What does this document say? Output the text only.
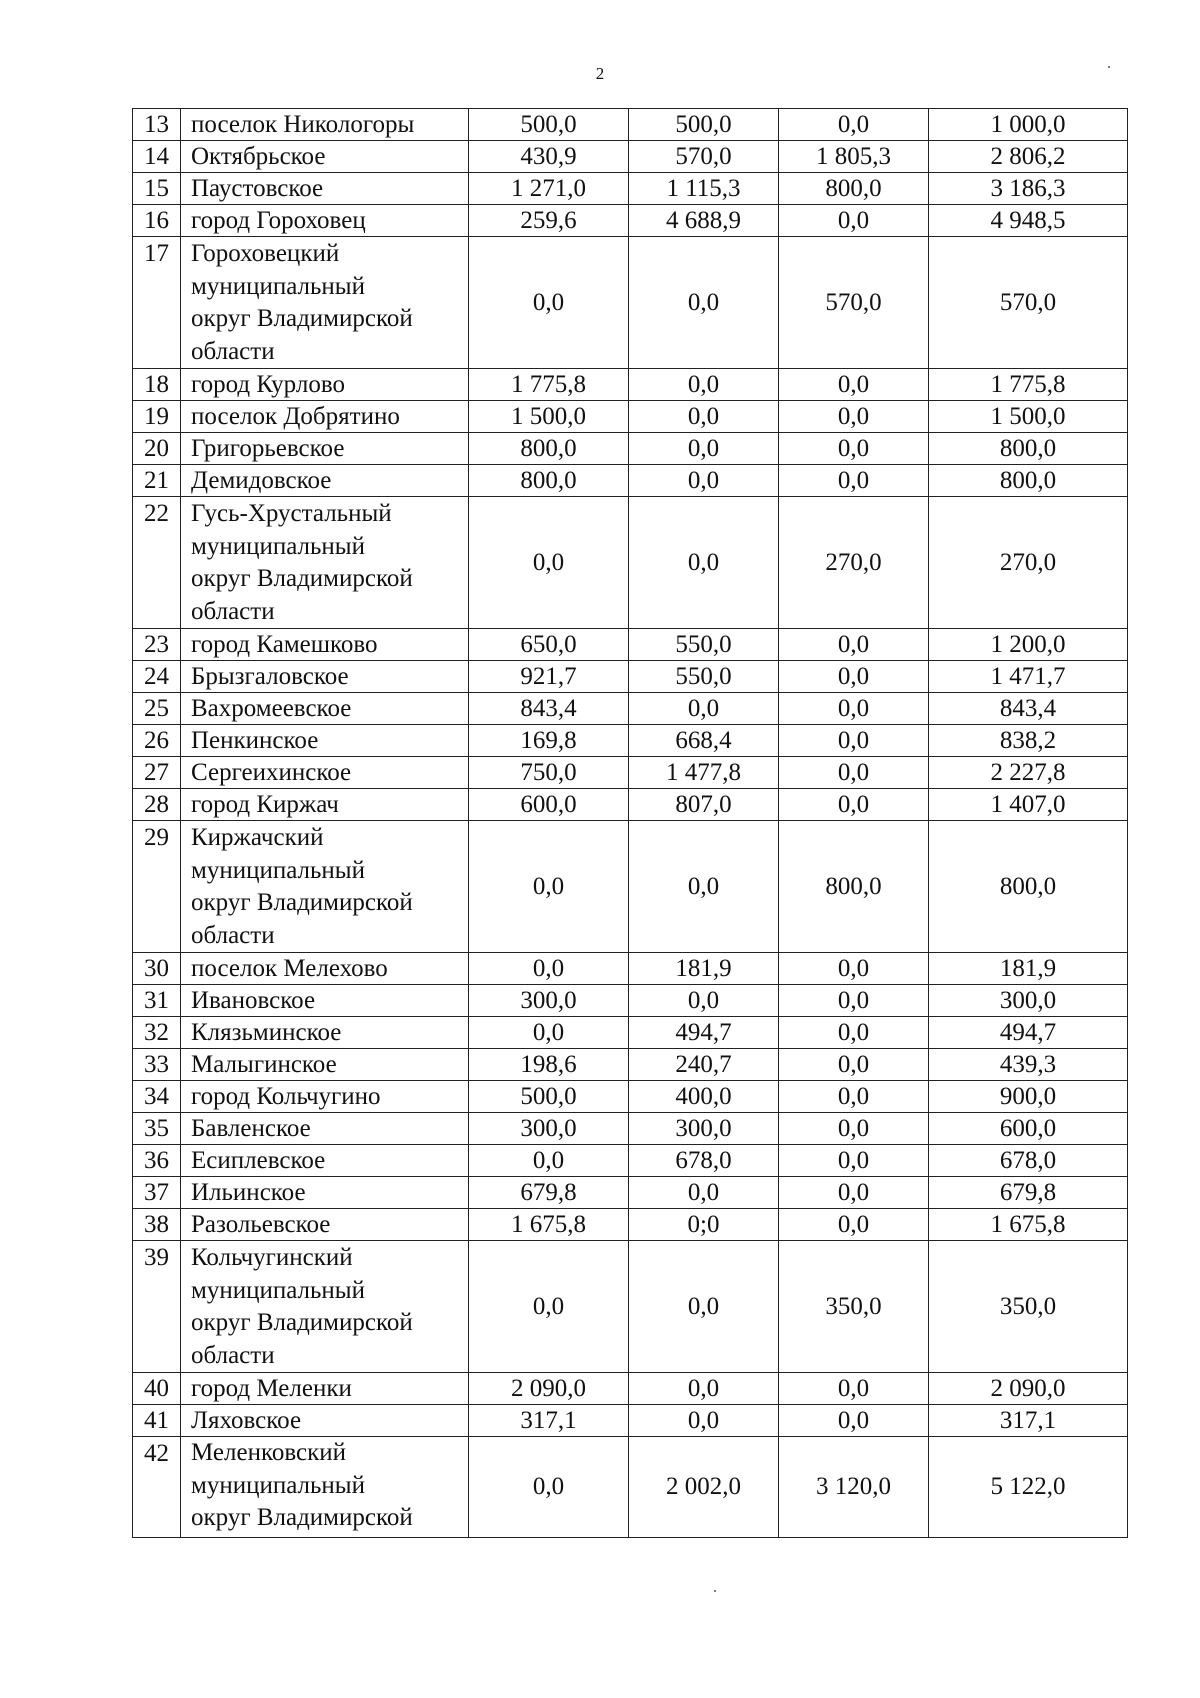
2
13	поселок Никологоры	500,0	500,0	0,0	1 000,0
14	Октябрьское	430,9	570,0	1 805,3	2 806,2
15	Паустовское	1 271,0	1 115,3	800,0	3 186,3
16	город Гороховец	259,6	4 688,9	0,0	4 948,5
17	Гороховецкий
муниципальный
округ Владимирской
области	0,0	0,0	570,0	570,0
18	город Курлово	1 775,8	0,0	0,0	1 775,8
19	поселок Добрятино	1 500,0	0,0	0,0	1 500,0
20	Григорьевское	800,0	0,0	0,0	800,0
21	Демидовское	800,0	0,0	0,0	800,0
22	Гусь-Хрустальный
муниципальный
округ Владимирской
области	0,0	0,0	270,0	270,0
23	город Камешково	650,0	550,0	0,0	1 200,0
24	Брызгаловское	921,7	550,0	0,0	1 471,7
25	Вахромеевское	843,4	0,0	0,0	843,4
26	Пенкинское	169,8	668,4	0,0	838,2
27	Сергеихинское	750,0	1 477,8	0,0	2 227,8
28	город Киржач	600,0	807,0	0,0	1 407,0
29	Киржачский
муниципальный
округ Владимирской
области	0,0	0,0	800,0	800,0
30	поселок Мелехово	0,0	181,9	0,0	181,9
31	Ивановское	300,0	0,0	0,0	300,0
32	Клязьминское	0,0	494,7	0,0	494,7
33	Малыгинское	198,6	240,7	0,0	439,3
34	город Кольчугино	500,0	400,0	0,0	900,0
35	Бавленское	300,0	300,0	0,0	600,0
36	Есиплевское	0,0	678,0	0,0	678,0
37	Ильинское	679,8	0,0	0,0	679,8
38	Разольевское	1 675,8	0;0	0,0	1 675,8
39	Кольчугинский
муниципальный
округ Владимирской
области	0,0	0,0	350,0	350,0
40	город Меленки	2 090,0	0,0	0,0	2 090,0
41	Ляховское	317,1	0,0	0,0	317,1
42	Меленковский
муниципальный
округ Владимирской	0,0	2 002,0	3 120,0	5 122,0
